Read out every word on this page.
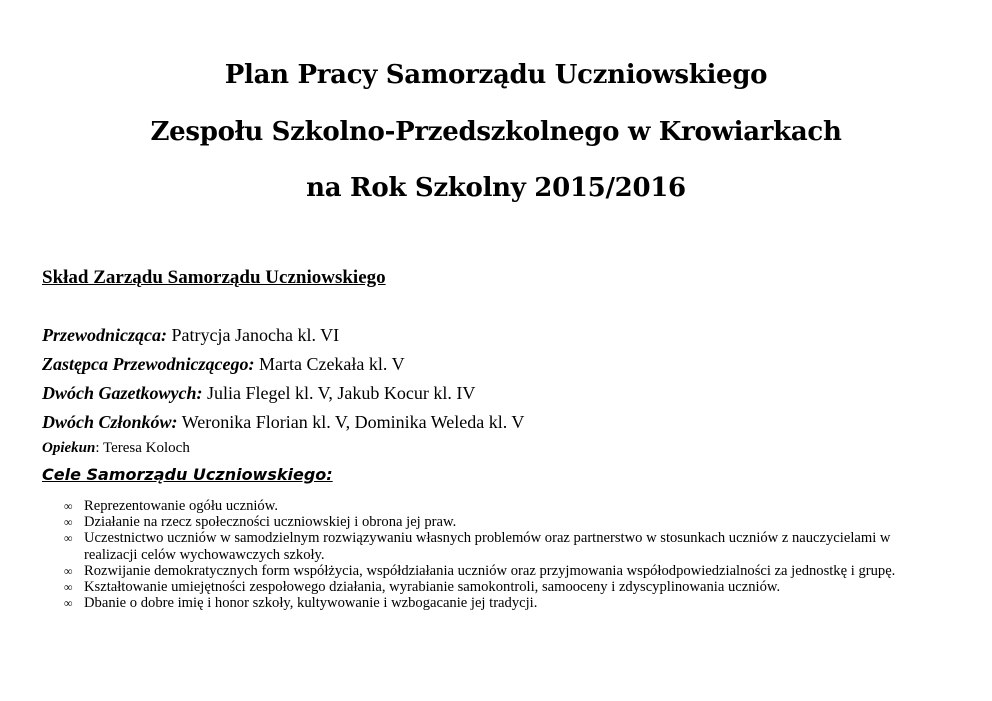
Plan Pracy Samorządu Uczniowskiego
Zespołu Szkolno-Przedszkolnego w Krowiarkach
na Rok Szkolny 2015/2016
Skład Zarządu Samorządu Uczniowskiego
Przewodnicząca: Patrycja Janocha kl. VI
Zastępca Przewodniczącego: Marta Czekała kl. V
Dwóch Gazetkowych: Julia Flegel kl. V, Jakub Kocur kl. IV
Dwóch Członków: Weronika Florian kl. V, Dominika Weleda kl. V
Opiekun: Teresa Koloch
Cele Samorządu Uczniowskiego:
∞ Reprezentowanie ogółu uczniów.
∞ Działanie na rzecz społeczności uczniowskiej i obrona jej praw.
∞ Uczestnictwo uczniów w samodzielnym rozwiązywaniu własnych problemów oraz partnerstwo w stosunkach uczniów z nauczycielami w realizacji celów wychowawczych szkoły.
∞ Rozwijanie demokratycznych form współżycia, współdziałania uczniów oraz przyjmowania współodpowiedzialności za jednostkę i grupę.
∞ Kształtowanie umiejętności zespołowego działania, wyrabianie samokontroli, samooceny i zdyscyplinowania uczniów.
∞ Dbanie o dobre imię i honor szkoły, kultywowanie i wzbogacanie jej tradycji.
